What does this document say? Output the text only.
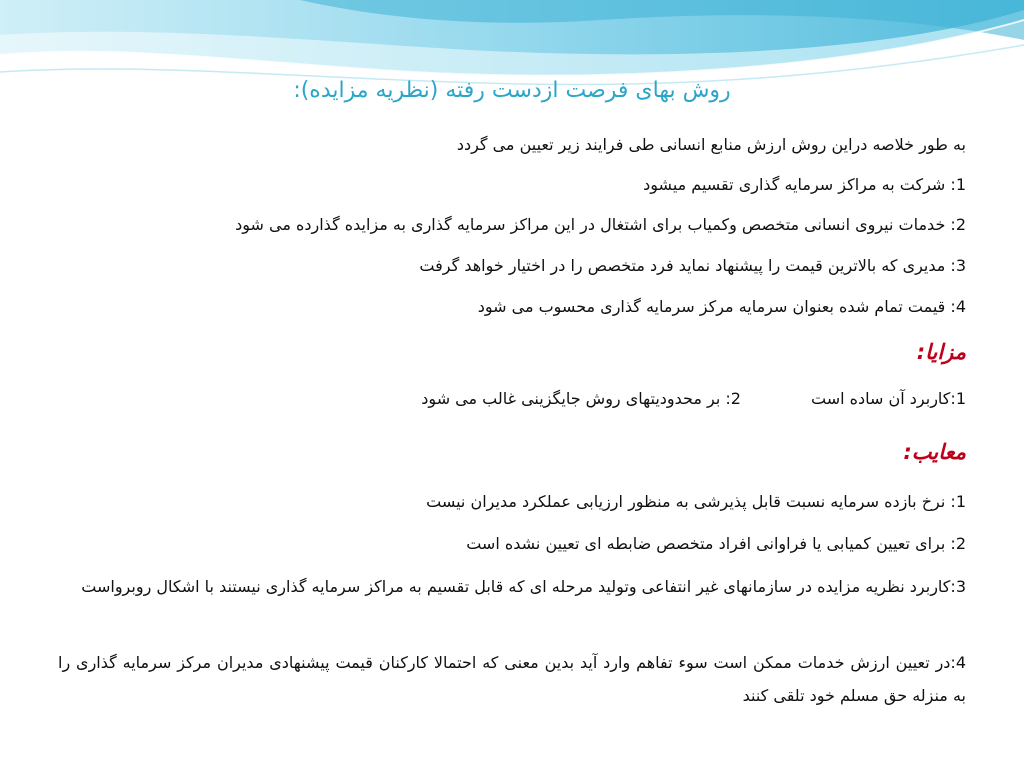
روش بهای فرصت ازدست رفته (نظریه مزایده):
به طور خلاصه دراین روش ارزش منابع انسانی طی فرایند زیر تعیین می گردد
1: شرکت به مراکز سرمایه گذاری تقسیم میشود
2: خدمات نیروی انسانی متخصص وکمیاب برای اشتغال در این مراکز سرمایه گذاری به مزایده گذارده می شود
3: مدیری که بالاترین قیمت را پیشنهاد نماید فرد متخصص را در اختیار خواهد گرفت
4: قیمت تمام شده بعنوان سرمایه مرکز سرمایه گذاری محسوب می شود
مزایا:
1:کاربرد آن ساده است2: بر محدودیتهای روش جایگزینی غالب می شود
معایب:
1: نرخ بازده سرمایه نسبت قابل پذیرشی به منظور ارزیابی عملکرد مدیران نیست
2: برای تعیین کمیابی یا فراوانی افراد متخصص ضابطه ای تعیین نشده است
3:کاربرد نظریه مزایده در سازمانهای غیر انتفاعی وتولید مرحله ای که قابل تقسیم به مراکز سرمایه گذاری نیستند با اشکال روبرواست
4:در تعیین ارزش خدمات ممکن است سوء تفاهم وارد آید بدین معنی که احتمالا کارکنان قیمت پیشنهادی مدیران مرکز سرمایه گذاری را به منزله حق مسلم خود تلقی کنند
